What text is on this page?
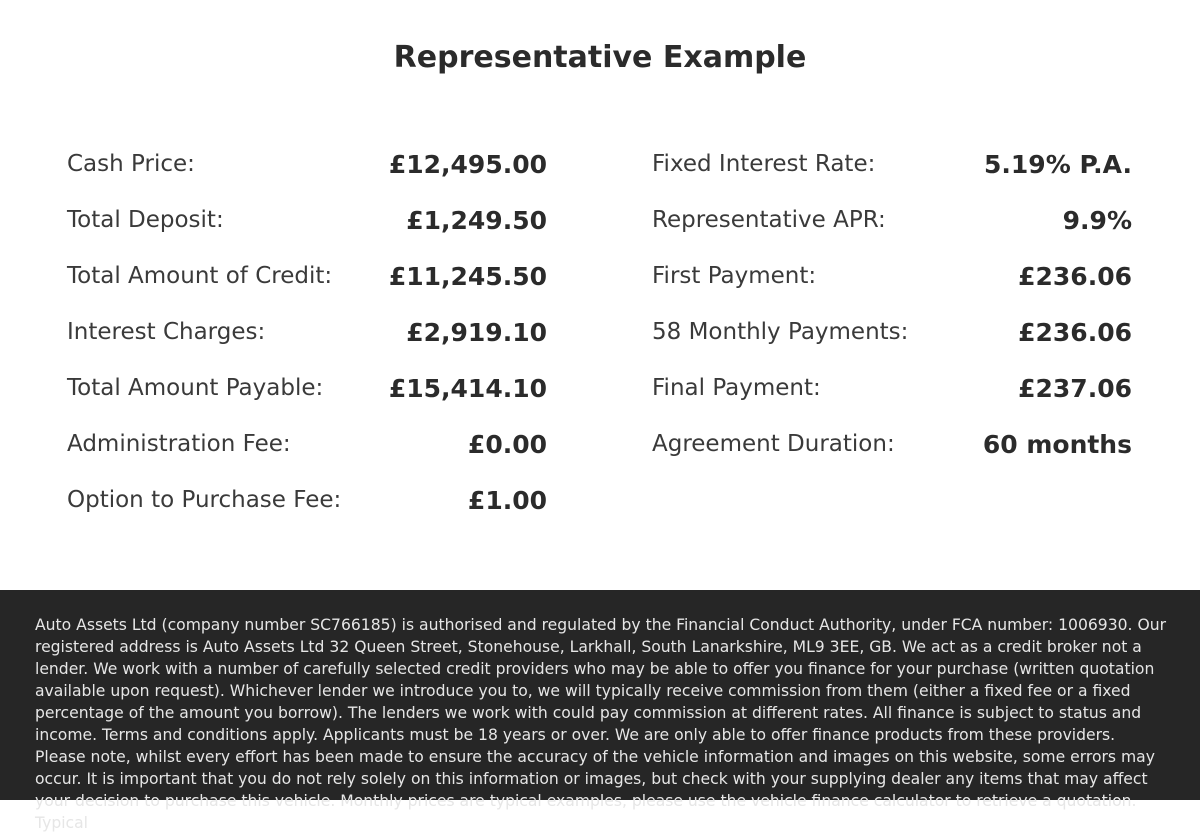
Representative Example
Cash Price:	£12,495.00
Total Deposit:	£1,249.50
Total Amount of Credit: £11,245.50
Interest Charges:	£2,919.10
Total Amount Payable:	£15,414.10
Administration Fee:	£0.00
Option to Purchase Fee:	£1.00
Fixed Interest Rate:	5.19% P.A.
Representative APR:	9.9%
First Payment:	£236.06
58 Monthly Payments:	£236.06
Final Payment:	£237.06
Agreement Duration:	60 months

Auto Assets Ltd (company number SC766185) is authorised and regulated by the Financial Conduct Authority, under FCA number: 1006930. Our registered address is Auto Assets Ltd 32 Queen Street, Stonehouse, Larkhall, South Lanarkshire, ML9 3EE, GB. We act as a credit broker not a lender. We work with a number of carefully selected credit providers who may be able to offer you finance for your purchase (written quotation available upon request). Whichever lender we introduce you to, we will typically receive commission from them (either a fixed fee or a fixed percentage of the amount you borrow). The lenders we work with could pay commission at different rates. All finance is subject to status and income. Terms and conditions apply. Applicants must be 18 years or over. We are only able to offer finance products from these providers. Please note, whilst every effort has been made to ensure the accuracy of the vehicle information and images on this website, some errors may occur. It is important that you do not rely solely on this information or images, but check with your supplying dealer any items that may affect your decision to purchase this vehicle. Monthly prices are typical examples, please use the vehicle finance calculator to retrieve a quotation. Typical
